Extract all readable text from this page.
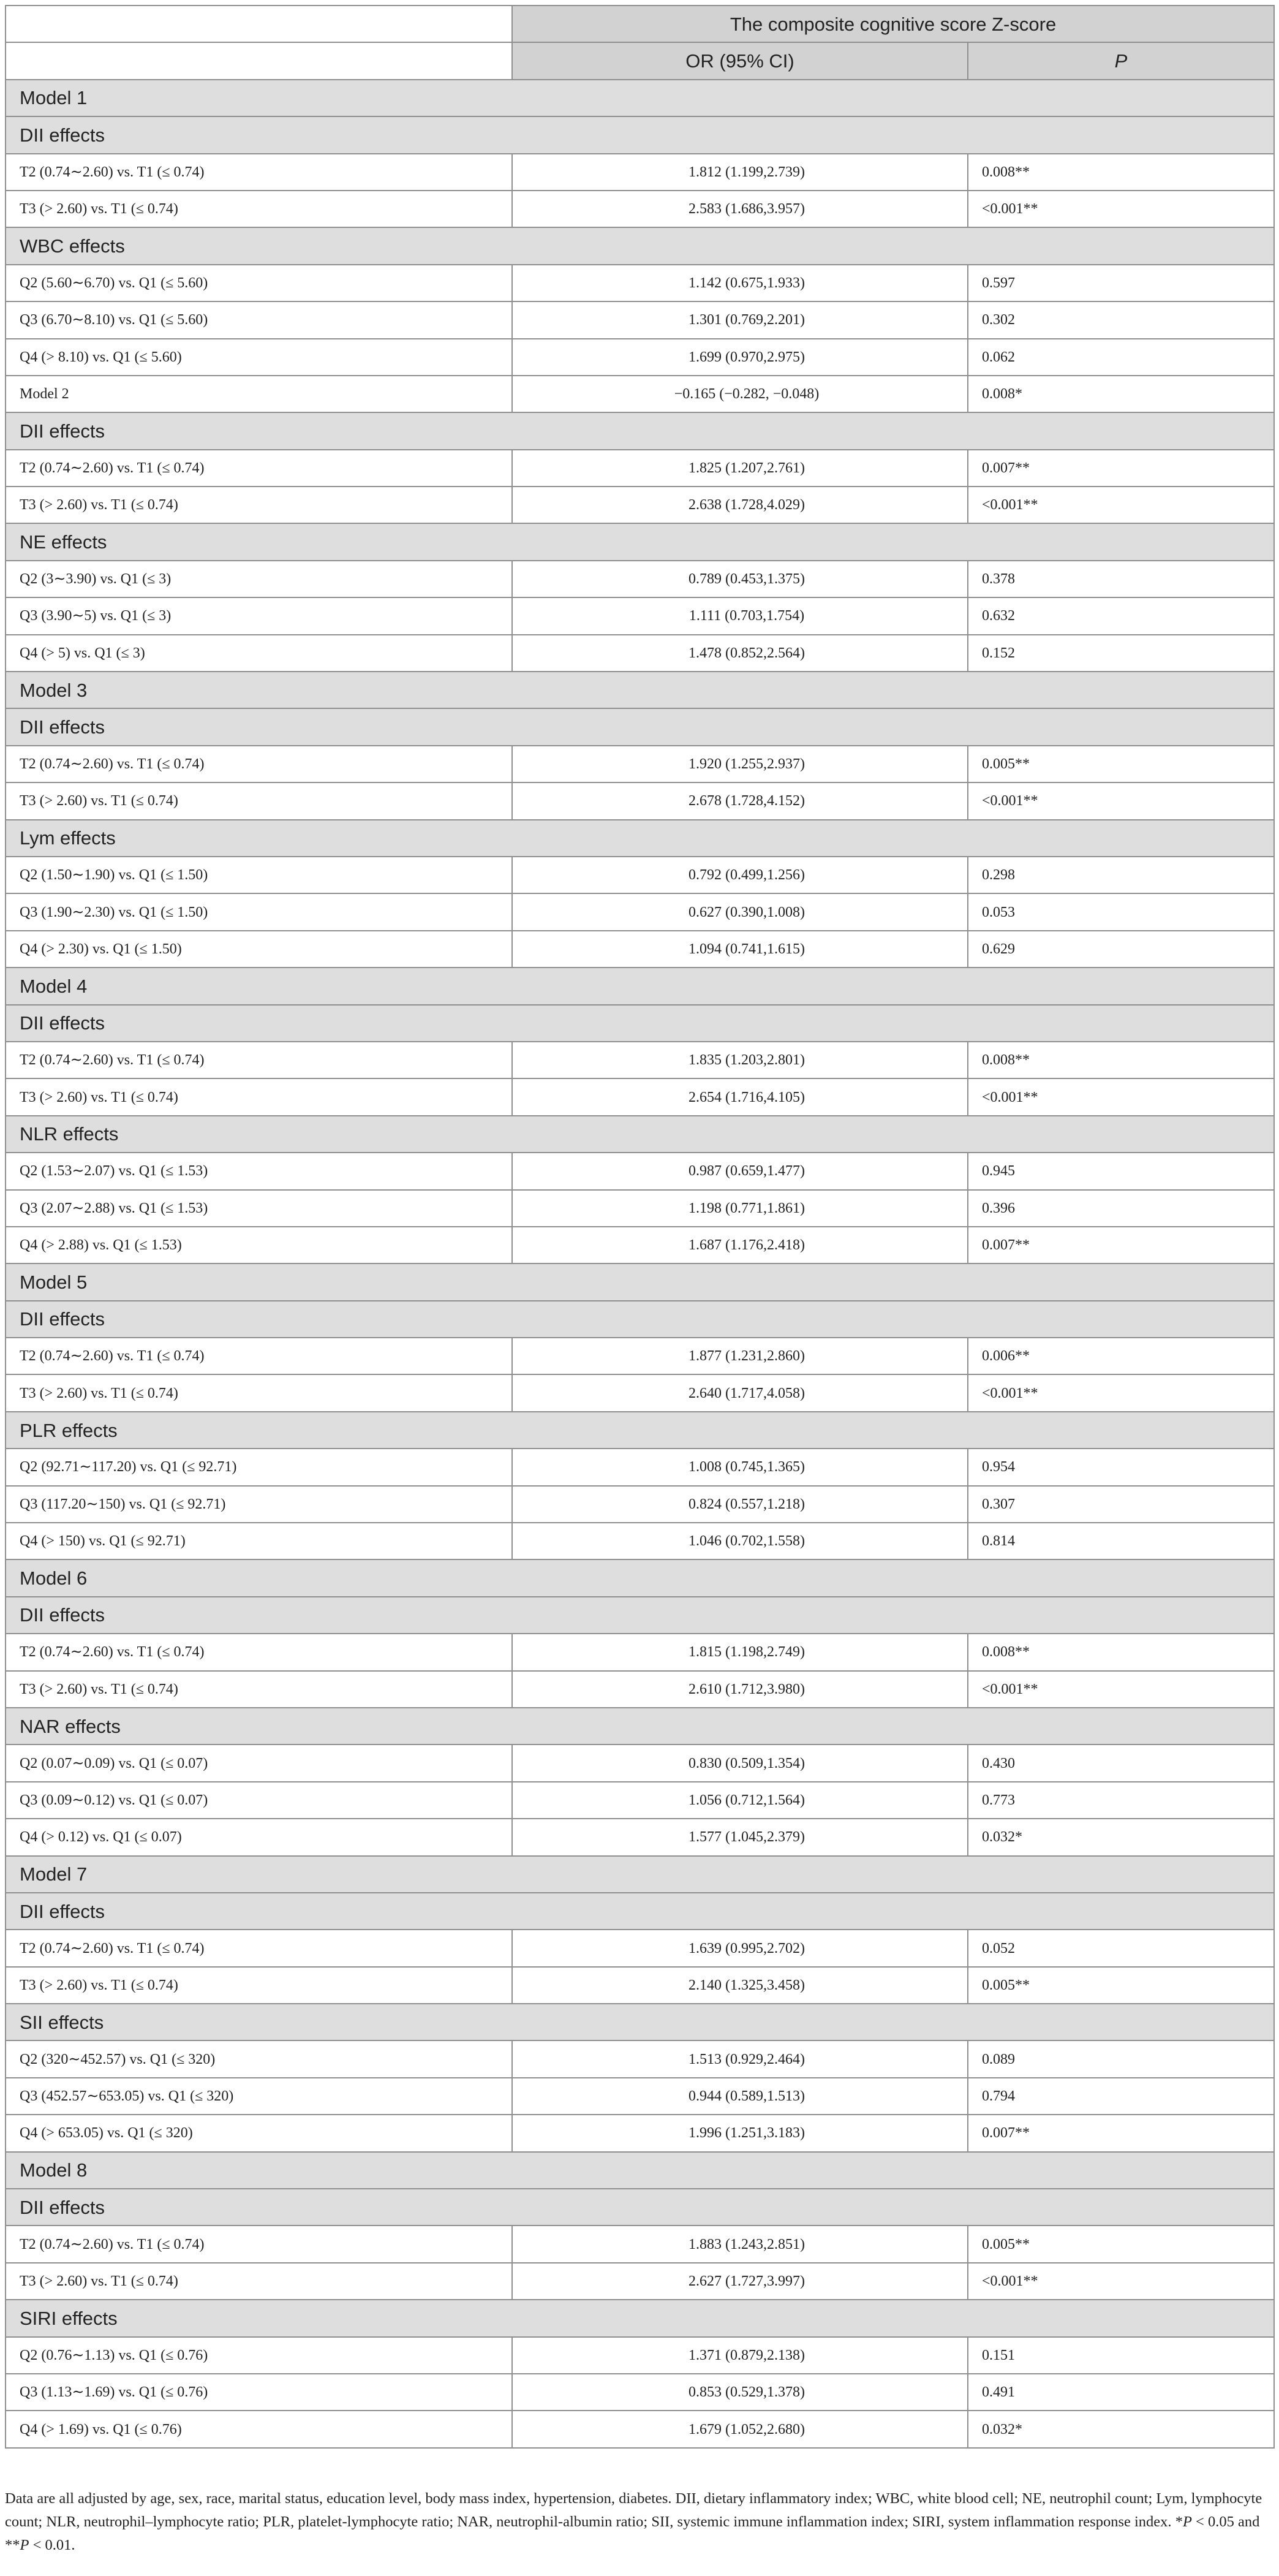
	The composite cognitive score Z-score	
	OR (95% CI)	P
Model 1		
DII effects		
T2 (0.74∼2.60) vs. T1 (≤ 0.74)	1.812 (1.199,2.739)	0.008**
T3 (> 2.60) vs. T1 (≤ 0.74)	2.583 (1.686,3.957)	<0.001**
WBC effects		
Q2 (5.60∼6.70) vs. Q1 (≤ 5.60)	1.142 (0.675,1.933)	0.597
Q3 (6.70∼8.10) vs. Q1 (≤ 5.60)	1.301 (0.769,2.201)	0.302
Q4 (> 8.10) vs. Q1 (≤ 5.60)	1.699 (0.970,2.975)	0.062
Model 2	−0.165 (−0.282, −0.048)	0.008*
DII effects		
T2 (0.74∼2.60) vs. T1 (≤ 0.74)	1.825 (1.207,2.761)	0.007**
T3 (> 2.60) vs. T1 (≤ 0.74)	2.638 (1.728,4.029)	<0.001**
NE effects		
Q2 (3∼3.90) vs. Q1 (≤ 3)	0.789 (0.453,1.375)	0.378
Q3 (3.90∼5) vs. Q1 (≤ 3)	1.111 (0.703,1.754)	0.632
Q4 (> 5) vs. Q1 (≤ 3)	1.478 (0.852,2.564)	0.152
Model 3		
DII effects		
T2 (0.74∼2.60) vs. T1 (≤ 0.74)	1.920 (1.255,2.937)	0.005**
T3 (> 2.60) vs. T1 (≤ 0.74)	2.678 (1.728,4.152)	<0.001**
Lym effects		
Q2 (1.50∼1.90) vs. Q1 (≤ 1.50)	0.792 (0.499,1.256)	0.298
Q3 (1.90∼2.30) vs. Q1 (≤ 1.50)	0.627 (0.390,1.008)	0.053
Q4 (> 2.30) vs. Q1 (≤ 1.50)	1.094 (0.741,1.615)	0.629
Model 4		
DII effects		
T2 (0.74∼2.60) vs. T1 (≤ 0.74)	1.835 (1.203,2.801)	0.008**
T3 (> 2.60) vs. T1 (≤ 0.74)	2.654 (1.716,4.105)	<0.001**
NLR effects		
Q2 (1.53∼2.07) vs. Q1 (≤ 1.53)	0.987 (0.659,1.477)	0.945
Q3 (2.07∼2.88) vs. Q1 (≤ 1.53)	1.198 (0.771,1.861)	0.396
Q4 (> 2.88) vs. Q1 (≤ 1.53)	1.687 (1.176,2.418)	0.007**
Model 5		
DII effects		
T2 (0.74∼2.60) vs. T1 (≤ 0.74)	1.877 (1.231,2.860)	0.006**
T3 (> 2.60) vs. T1 (≤ 0.74)	2.640 (1.717,4.058)	<0.001**
PLR effects		
Q2 (92.71∼117.20) vs. Q1 (≤ 92.71)	1.008 (0.745,1.365)	0.954
Q3 (117.20∼150) vs. Q1 (≤ 92.71)	0.824 (0.557,1.218)	0.307
Q4 (> 150) vs. Q1 (≤ 92.71)	1.046 (0.702,1.558)	0.814
Model 6		
DII effects		
T2 (0.74∼2.60) vs. T1 (≤ 0.74)	1.815 (1.198,2.749)	0.008**
T3 (> 2.60) vs. T1 (≤ 0.74)	2.610 (1.712,3.980)	<0.001**
NAR effects		
Q2 (0.07∼0.09) vs. Q1 (≤ 0.07)	0.830 (0.509,1.354)	0.430
Q3 (0.09∼0.12) vs. Q1 (≤ 0.07)	1.056 (0.712,1.564)	0.773
Q4 (> 0.12) vs. Q1 (≤ 0.07)	1.577 (1.045,2.379)	0.032*
Model 7		
DII effects		
T2 (0.74∼2.60) vs. T1 (≤ 0.74)	1.639 (0.995,2.702)	0.052
T3 (> 2.60) vs. T1 (≤ 0.74)	2.140 (1.325,3.458)	0.005**
SII effects		
Q2 (320∼452.57) vs. Q1 (≤ 320)	1.513 (0.929,2.464)	0.089
Q3 (452.57∼653.05) vs. Q1 (≤ 320)	0.944 (0.589,1.513)	0.794
Q4 (> 653.05) vs. Q1 (≤ 320)	1.996 (1.251,3.183)	0.007**
Model 8		
DII effects		
T2 (0.74∼2.60) vs. T1 (≤ 0.74)	1.883 (1.243,2.851)	0.005**
T3 (> 2.60) vs. T1 (≤ 0.74)	2.627 (1.727,3.997)	<0.001**
SIRI effects		
Q2 (0.76∼1.13) vs. Q1 (≤ 0.76)	1.371 (0.879,2.138)	0.151
Q3 (1.13∼1.69) vs. Q1 (≤ 0.76)	0.853 (0.529,1.378)	0.491
Q4 (> 1.69) vs. Q1 (≤ 0.76)	1.679 (1.052,2.680)	0.032*

Data are all adjusted by age, sex, race, marital status, education level, body mass index, hypertension, diabetes. DII, dietary inflammatory index; WBC, white blood cell; NE, neutrophil count; Lym, lymphocyte count; NLR, neutrophil–lymphocyte ratio; PLR, platelet-lymphocyte ratio; NAR, neutrophil-albumin ratio; SII, systemic immune inflammation index; SIRI, system inflammation response index. *P < 0.05 and **P < 0.01.
